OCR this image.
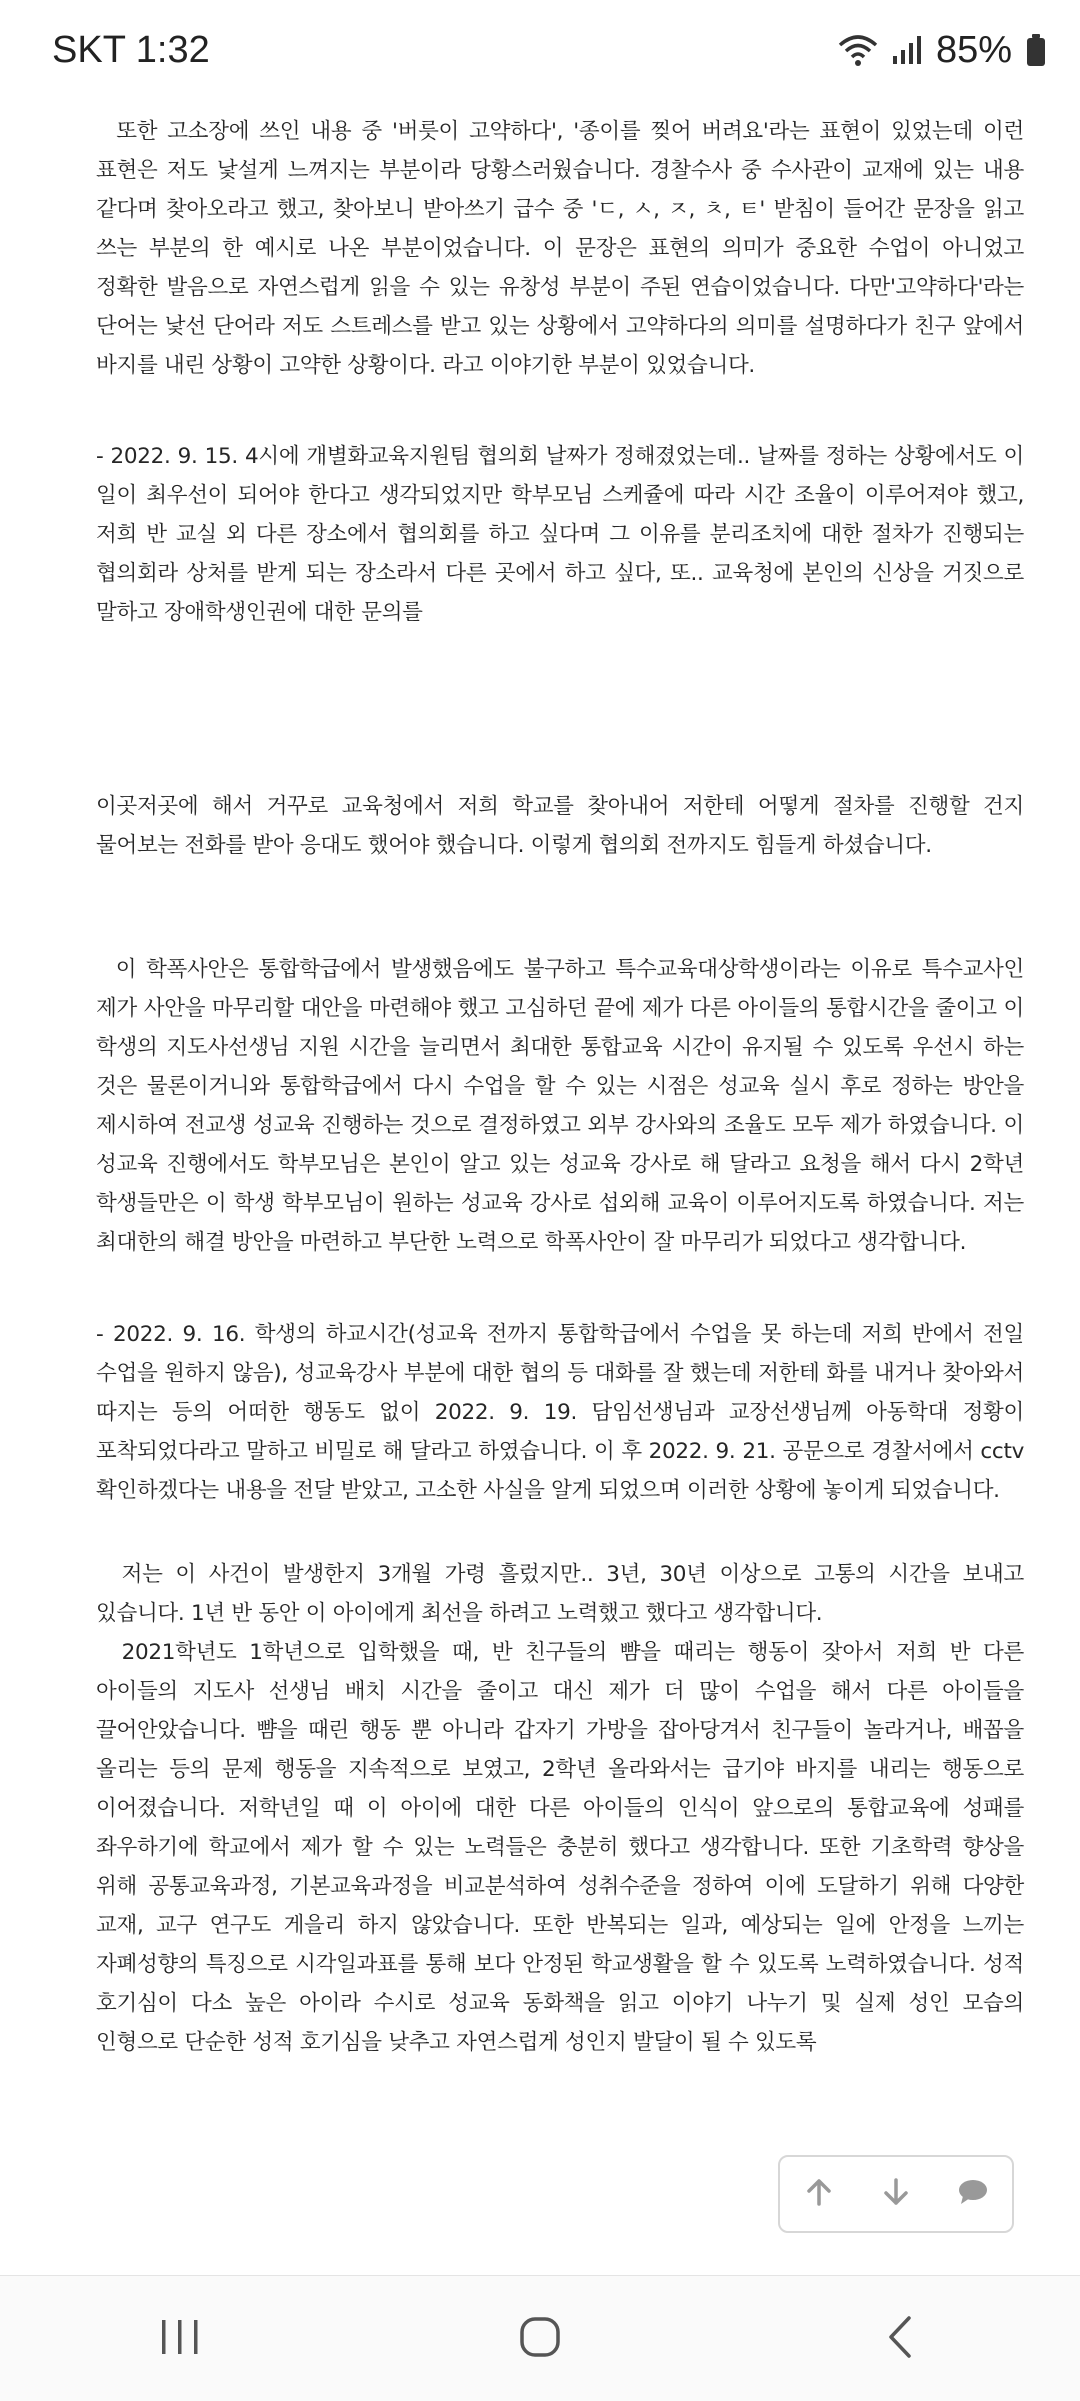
SKT 1:32	85%

또한 고소장에 쓰인 내용 중 '버릇이 고약하다', '종이를 찢어 버려요'라는 표현이 있었는데 이런 표현은 저도 낯설게 느껴지는 부분이라 당황스러웠습니다. 경찰수사 중 수사관이 교재에 있는 내용 같다며 찾아오라고 했고, 찾아보니 받아쓰기 급수 중 'ㄷ, ㅅ, ㅈ, ㅊ, ㅌ' 받침이 들어간 문장을 읽고 쓰는 부분의 한 예시로 나온 부분이었습니다. 이 문장은 표현의 의미가 중요한 수업이 아니었고 정확한 발음으로 자연스럽게 읽을 수 있는 유창성 부분이 주된 연습이었습니다. 다만'고약하다'라는 단어는 낯선 단어라 저도 스트레스를 받고 있는 상황에서 고약하다의 의미를 설명하다가 친구 앞에서 바지를 내린 상황이 고약한 상황이다. 라고 이야기한 부분이 있었습니다.

- 2022. 9. 15. 4시에 개별화교육지원팀 협의회 날짜가 정해졌었는데.. 날짜를 정하는 상황에서도 이 일이 최우선이 되어야 한다고 생각되었지만 학부모님 스케쥴에 따라 시간 조율이 이루어져야 했고, 저희 반 교실 외 다른 장소에서 협의회를 하고 싶다며 그 이유를 분리조치에 대한 절차가 진행되는 협의회라 상처를 받게 되는 장소라서 다른 곳에서 하고 싶다, 또.. 교육청에 본인의 신상을 거짓으로 말하고 장애학생인권에 대한 문의를

이곳저곳에 해서 거꾸로 교육청에서 저희 학교를 찾아내어 저한테 어떻게 절차를 진행할 건지 물어보는 전화를 받아 응대도 했어야 했습니다. 이렇게 협의회 전까지도 힘들게 하셨습니다.

이 학폭사안은 통합학급에서 발생했음에도 불구하고 특수교육대상학생이라는 이유로 특수교사인 제가 사안을 마무리할 대안을 마련해야 했고 고심하던 끝에 제가 다른 아이들의 통합시간을 줄이고 이 학생의 지도사선생님 지원 시간을 늘리면서 최대한 통합교육 시간이 유지될 수 있도록 우선시 하는 것은 물론이거니와 통합학급에서 다시 수업을 할 수 있는 시점은 성교육 실시 후로 정하는 방안을 제시하여 전교생 성교육 진행하는 것으로 결정하였고 외부 강사와의 조율도 모두 제가 하였습니다. 이 성교육 진행에서도 학부모님은 본인이 알고 있는 성교육 강사로 해 달라고 요청을 해서 다시 2학년 학생들만은 이 학생 학부모님이 원하는 성교육 강사로 섭외해 교육이 이루어지도록 하였습니다. 저는 최대한의 해결 방안을 마련하고 부단한 노력으로 학폭사안이 잘 마무리가 되었다고 생각합니다.

- 2022. 9. 16. 학생의 하교시간(성교육 전까지 통합학급에서 수업을 못 하는데 저희 반에서 전일 수업을 원하지 않음), 성교육강사 부분에 대한 협의 등 대화를 잘 했는데 저한테 화를 내거나 찾아와서 따지는 등의 어떠한 행동도 없이 2022. 9. 19. 담임선생님과 교장선생님께 아동학대 정황이 포착되었다라고 말하고 비밀로 해 달라고 하였습니다. 이 후 2022. 9. 21. 공문으로 경찰서에서 cctv 확인하겠다는 내용을 전달 받았고, 고소한 사실을 알게 되었으며 이러한 상황에 놓이게 되었습니다.

저는 이 사건이 발생한지 3개월 가령 흘렀지만.. 3년, 30년 이상으로 고통의 시간을 보내고 있습니다. 1년 반 동안 이 아이에게 최선을 하려고 노력했고 했다고 생각합니다.
2021학년도 1학년으로 입학했을 때, 반 친구들의 뺨을 때리는 행동이 잦아서 저희 반 다른 아이들의 지도사 선생님 배치 시간을 줄이고 대신 제가 더 많이 수업을 해서 다른 아이들을 끌어안았습니다. 뺨을 때린 행동 뿐 아니라 갑자기 가방을 잡아당겨서 친구들이 놀라거나, 배꼽을 올리는 등의 문제 행동을 지속적으로 보였고, 2학년 올라와서는 급기야 바지를 내리는 행동으로 이어졌습니다. 저학년일 때 이 아이에 대한 다른 아이들의 인식이 앞으로의 통합교육에 성패를 좌우하기에 학교에서 제가 할 수 있는 노력들은 충분히 했다고 생각합니다. 또한 기초학력 향상을 위해 공통교육과정, 기본교육과정을 비교분석하여 성취수준을 정하여 이에 도달하기 위해 다양한 교재, 교구 연구도 게을리 하지 않았습니다. 또한 반복되는 일과, 예상되는 일에 안정을 느끼는 자폐성향의 특징으로 시각일과표를 통해 보다 안정된 학교생활을 할 수 있도록 노력하였습니다. 성적 호기심이 다소 높은 아이라 수시로 성교육 동화책을 읽고 이야기 나누기 및 실제 성인 모습의 인형으로 단순한 성적 호기심을 낮추고 자연스럽게 성인지 발달이 될 수 있도록
